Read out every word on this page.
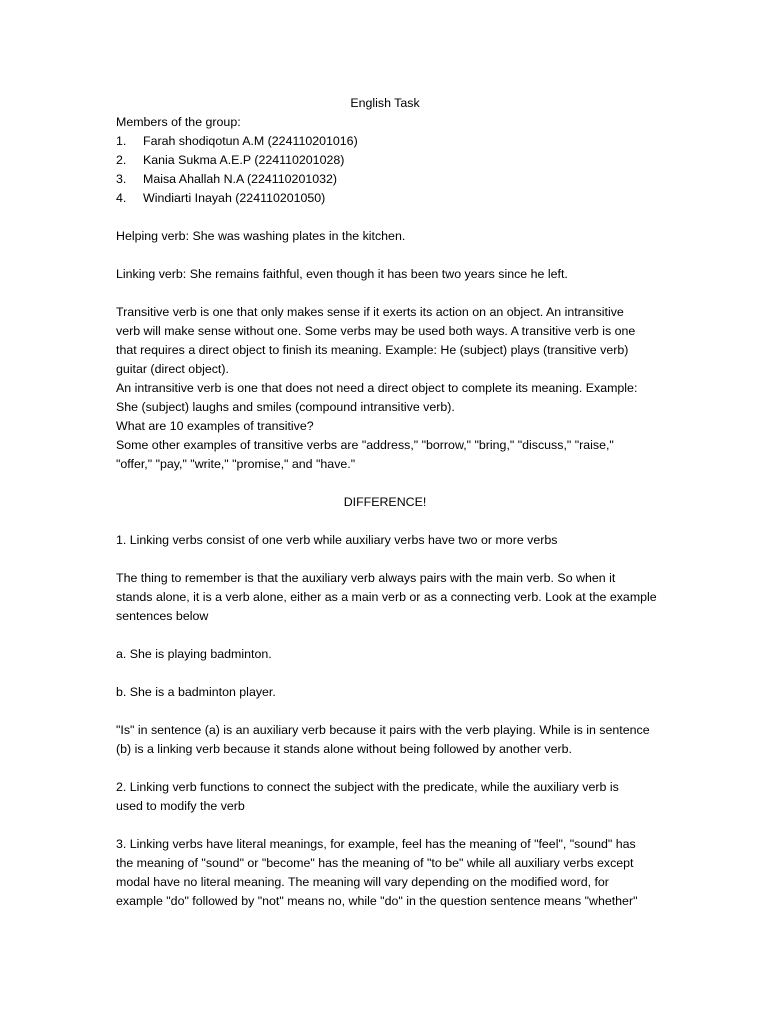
English Task

Members of the group:

1.	Farah shodiqotun A.M (224110201016)
2.	Kania Sukma A.E.P (224110201028)
3.	Maisa Ahallah N.A (224110201032)
4.	Windiarti Inayah (224110201050)

Helping verb: She was washing plates in the kitchen.

Linking verb: She remains faithful, even though it has been two years since he left.

Transitive verb is one that only makes sense if it exerts its action on an object. An intransitive

verb will make sense without one. Some verbs may be used both ways. A transitive verb is one

that requires a direct object to finish its meaning. Example: He (subject) plays (transitive verb)

guitar (direct object).

An intransitive verb is one that does not need a direct object to complete its meaning. Example:

She (subject) laughs and smiles (compound intransitive verb).

What are 10 examples of transitive?

Some other examples of transitive verbs are "address," "borrow," "bring," "discuss," "raise,"

"offer," "pay," "write," "promise," and "have."

DIFFERENCE!

1. Linking verbs consist of one verb while auxiliary verbs have two or more verbs

The thing to remember is that the auxiliary verb always pairs with the main verb. So when it

stands alone, it is a verb alone, either as a main verb or as a connecting verb. Look at the example

sentences below

a. She is playing badminton.

b. She is a badminton player.

"Is" in sentence (a) is an auxiliary verb because it pairs with the verb playing. While is in sentence

(b) is a linking verb because it stands alone without being followed by another verb.

2. Linking verb functions to connect the subject with the predicate, while the auxiliary verb is

used to modify the verb

3. Linking verbs have literal meanings, for example, feel has the meaning of "feel", "sound" has

the meaning of "sound" or "become" has the meaning of "to be" while all auxiliary verbs except

modal have no literal meaning. The meaning will vary depending on the modified word, for

example "do" followed by "not" means no, while "do" in the question sentence means "whether"
